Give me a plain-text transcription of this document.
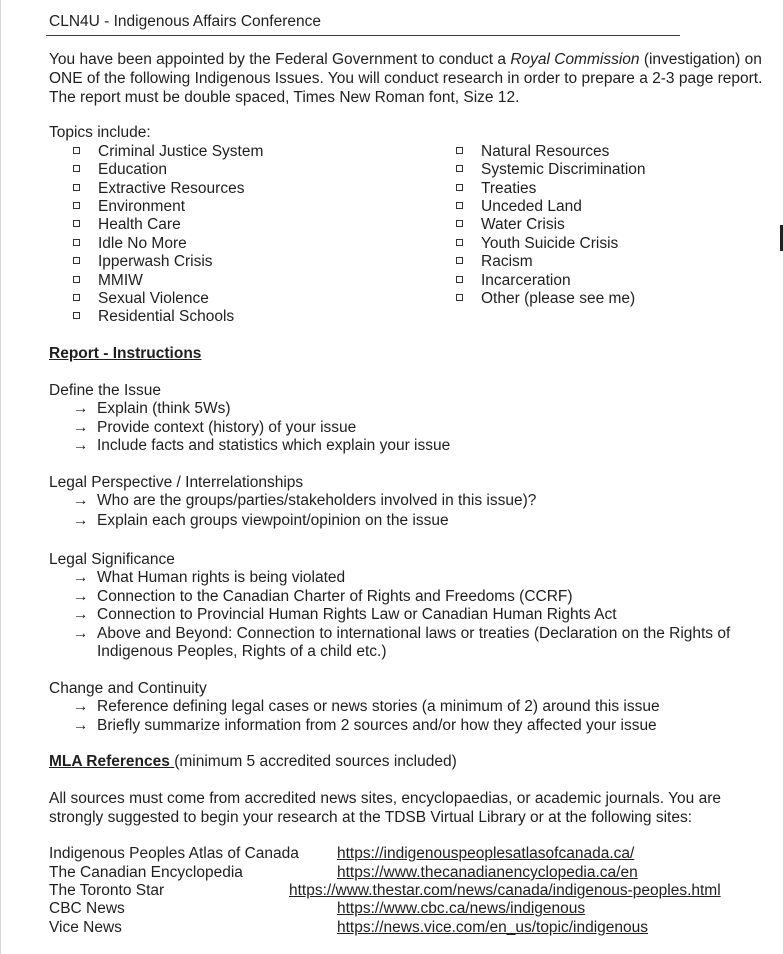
CLN4U - Indigenous Affairs Conference
You have been appointed by the Federal Government to conduct a Royal Commission (investigation) on ONE of the following Indigenous Issues. You will conduct research in order to prepare a 2-3 page report. The report must be double spaced, Times New Roman font, Size 12.
Topics include:
Criminal Justice System
Education
Extractive Resources
Environment
Health Care
Idle No More
Ipperwash Crisis
MMIW
Sexual Violence
Residential Schools
Natural Resources
Systemic Discrimination
Treaties
Unceded Land
Water Crisis
Youth Suicide Crisis
Racism
Incarceration
Other (please see me)
Report - Instructions
Define the Issue
→ Explain (think 5Ws)
→ Provide context (history) of your issue
→ Include facts and statistics which explain your issue
Legal Perspective / Interrelationships
→ Who are the groups/parties/stakeholders involved in this issue)?
→ Explain each groups viewpoint/opinion on the issue
Legal Significance
→ What Human rights is being violated
→ Connection to the Canadian Charter of Rights and Freedoms (CCRF)
→ Connection to Provincial Human Rights Law or Canadian Human Rights Act
→ Above and Beyond: Connection to international laws or treaties (Declaration on the Rights of
Indigenous Peoples, Rights of a child etc.)
Change and Continuity
→ Reference defining legal cases or news stories (a minimum of 2) around this issue
→ Briefly summarize information from 2 sources and/or how they affected your issue
MLA References (minimum 5 accredited sources included)
All sources must come from accredited news sites, encyclopaedias, or academic journals. You are
strongly suggested to begin your research at the TDSB Virtual Library or at the following sites:
Indigenous Peoples Atlas of Canada https://indigenouspeoplesatlasofcanada.ca/
The Canadian Encyclopedia	https://www.thecanadianencyclopedia.ca/en
The Toronto Star	https://www.thestar.com/news/canada/indigenous-peoples.html
CBC News	https://www.cbc.ca/news/indigenous
Vice News	https://news.vice.com/en_us/topic/indigenous
